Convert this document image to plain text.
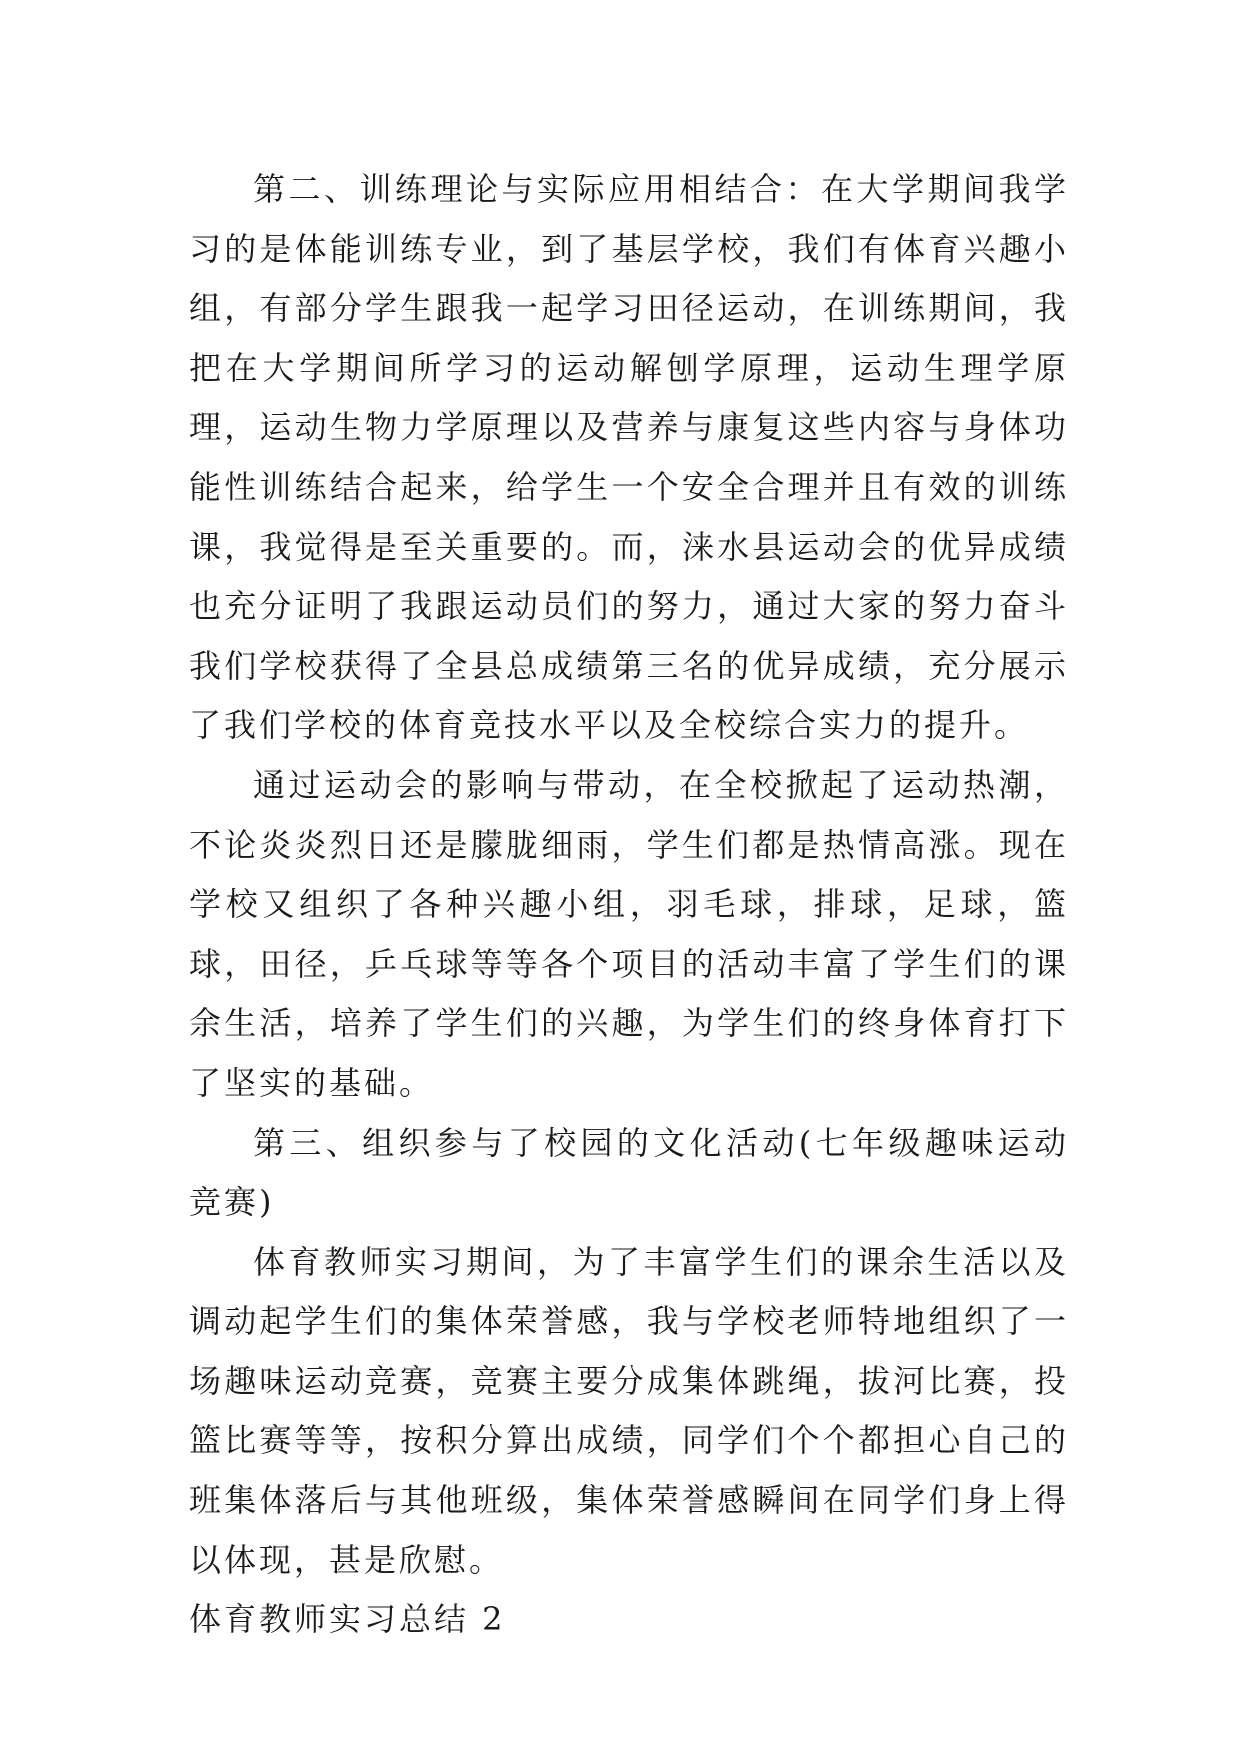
第二、训练理论与实际应用相结合：在大学期间我学习的是体能训练专业，到了基层学校，我们有体育兴趣小组，有部分学生跟我一起学习田径运动，在训练期间，我把在大学期间所学习的运动解刨学原理，运动生理学原理，运动生物力学原理以及营养与康复这些内容与身体功能性训练结合起来，给学生一个安全合理并且有效的训练课，我觉得是至关重要的。而，涞水县运动会的优异成绩也充分证明了我跟运动员们的努力，通过大家的努力奋斗我们学校获得了全县总成绩第三名的优异成绩，充分展示了我们学校的体育竞技水平以及全校综合实力的提升。

通过运动会的影响与带动，在全校掀起了运动热潮，不论炎炎烈日还是朦胧细雨，学生们都是热情高涨。现在学校又组织了各种兴趣小组，羽毛球，排球，足球，篮球，田径，乒乓球等等各个项目的活动丰富了学生们的课余生活，培养了学生们的兴趣，为学生们的终身体育打下了坚实的基础。

第三、组织参与了校园的文化活动(七年级趣味运动竞赛)

体育教师实习期间，为了丰富学生们的课余生活以及调动起学生们的集体荣誉感，我与学校老师特地组织了一场趣味运动竞赛，竞赛主要分成集体跳绳，拔河比赛，投篮比赛等等，按积分算出成绩，同学们个个都担心自己的班集体落后与其他班级，集体荣誉感瞬间在同学们身上得以体现，甚是欣慰。

体育教师实习总结 2
